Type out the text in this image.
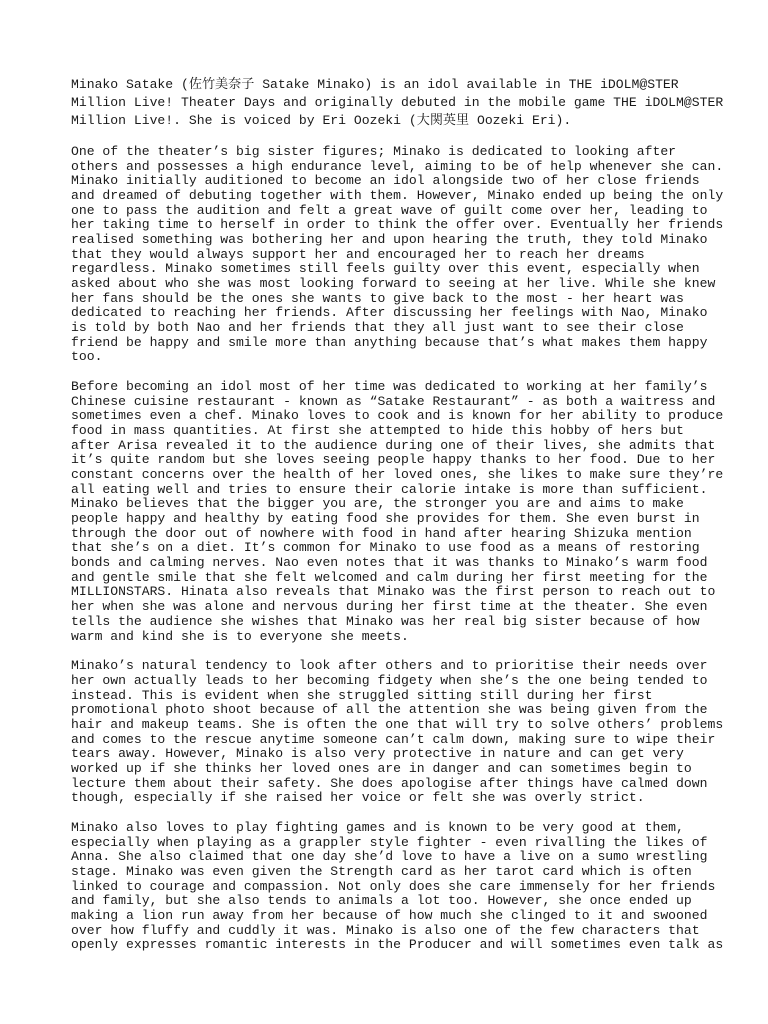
Minako Satake (佐竹美奈子 Satake Minako) is an idol available in THE iDOLM@STER
Million Live! Theater Days and originally debuted in the mobile game THE iDOLM@STER
Million Live!. She is voiced by Eri Oozeki (大関英里 Oozeki Eri).

One of the theater’s big sister figures; Minako is dedicated to looking after
others and possesses a high endurance level, aiming to be of help whenever she can.
Minako initially auditioned to become an idol alongside two of her close friends
and dreamed of debuting together with them. However, Minako ended up being the only
one to pass the audition and felt a great wave of guilt come over her, leading to
her taking time to herself in order to think the offer over. Eventually her friends
realised something was bothering her and upon hearing the truth, they told Minako
that they would always support her and encouraged her to reach her dreams
regardless. Minako sometimes still feels guilty over this event, especially when
asked about who she was most looking forward to seeing at her live. While she knew
her fans should be the ones she wants to give back to the most - her heart was
dedicated to reaching her friends. After discussing her feelings with Nao, Minako
is told by both Nao and her friends that they all just want to see their close
friend be happy and smile more than anything because that’s what makes them happy
too.

Before becoming an idol most of her time was dedicated to working at her family’s
Chinese cuisine restaurant - known as “Satake Restaurant” - as both a waitress and
sometimes even a chef. Minako loves to cook and is known for her ability to produce
food in mass quantities. At first she attempted to hide this hobby of hers but
after Arisa revealed it to the audience during one of their lives, she admits that
it’s quite random but she loves seeing people happy thanks to her food. Due to her
constant concerns over the health of her loved ones, she likes to make sure they’re
all eating well and tries to ensure their calorie intake is more than sufficient.
Minako believes that the bigger you are, the stronger you are and aims to make
people happy and healthy by eating food she provides for them. She even burst in
through the door out of nowhere with food in hand after hearing Shizuka mention
that she’s on a diet. It’s common for Minako to use food as a means of restoring
bonds and calming nerves. Nao even notes that it was thanks to Minako’s warm food
and gentle smile that she felt welcomed and calm during her first meeting for the
MILLIONSTARS. Hinata also reveals that Minako was the first person to reach out to
her when she was alone and nervous during her first time at the theater. She even
tells the audience she wishes that Minako was her real big sister because of how
warm and kind she is to everyone she meets.

Minako’s natural tendency to look after others and to prioritise their needs over
her own actually leads to her becoming fidgety when she’s the one being tended to
instead. This is evident when she struggled sitting still during her first
promotional photo shoot because of all the attention she was being given from the
hair and makeup teams. She is often the one that will try to solve others’ problems
and comes to the rescue anytime someone can’t calm down, making sure to wipe their
tears away. However, Minako is also very protective in nature and can get very
worked up if she thinks her loved ones are in danger and can sometimes begin to
lecture them about their safety. She does apologise after things have calmed down
though, especially if she raised her voice or felt she was overly strict.

Minako also loves to play fighting games and is known to be very good at them,
especially when playing as a grappler style fighter - even rivalling the likes of
Anna. She also claimed that one day she’d love to have a live on a sumo wrestling
stage. Minako was even given the Strength card as her tarot card which is often
linked to courage and compassion. Not only does she care immensely for her friends
and family, but she also tends to animals a lot too. However, she once ended up
making a lion run away from her because of how much she clinged to it and swooned
over how fluffy and cuddly it was. Minako is also one of the few characters that
openly expresses romantic interests in the Producer and will sometimes even talk as
